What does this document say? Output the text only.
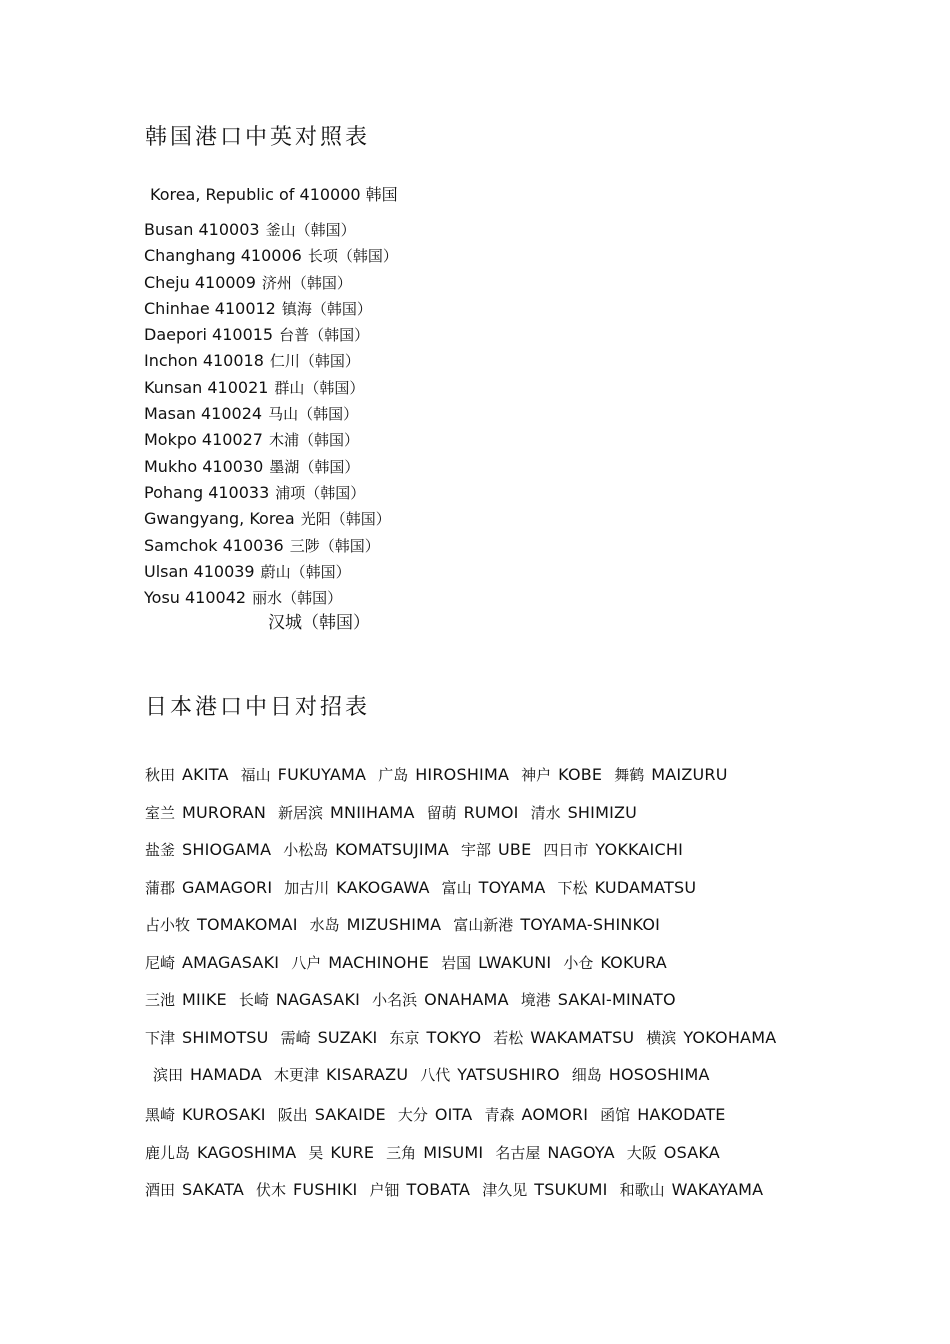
韩国港口中英对照表
Korea, Republic of 410000 韩国
Busan 410003 釜山（韩国）
Changhang 410006 长项（韩国）
Cheju 410009 济州（韩国）
Chinhae 410012 镇海（韩国）
Daepori 410015 台普（韩国）
Inchon 410018 仁川（韩国）
Kunsan 410021 群山（韩国）
Masan 410024 马山（韩国）
Mokpo 410027 木浦（韩国）
Mukho 410030 墨湖（韩国）
Pohang 410033 浦项（韩国）
Gwangyang, Korea 光阳（韩国）
Samchok 410036 三陟（韩国）
Ulsan 410039 蔚山（韩国）
Yosu 410042 丽水（韩国）
汉城（韩国）
日本港口中日对招表
秋田 AKITA 福山 FUKUYAMA 广岛 HIROSHIMA 神户 KOBE 舞鹤 MAIZURU
室兰 MURORAN 新居滨 MNIIHAMA 留萌 RUMOI 清水 SHIMIZU
盐釜 SHIOGAMA 小松岛 KOMATSUJIMA 宇部 UBE 四日市 YOKKAICHI
蒲郡 GAMAGORI 加古川 KAKOGAWA 富山 TOYAMA 下松 KUDAMATSU
占小牧 TOMAKOMAI 水岛 MIZUSHIMA 富山新港 TOYAMA-SHINKOI
尼崎 AMAGASAKI 八户 MACHINOHE 岩国 LWAKUNI 小仓 KOKURA
三池 MIIKE 长崎 NAGASAKI 小名浜 ONAHAMA 境港 SAKAI-MINATO
下津 SHIMOTSU 需崎 SUZAKI 东京 TOKYO 若松 WAKAMATSU 横滨 YOKOHAMA
滨田 HAMADA 木更津 KISARAZU 八代 YATSUSHIRO 细岛 HOSOSHIMA
黑崎 KUROSAKI 阪出 SAKAIDE 大分 OITA 青森 AOMORI 函馆 HAKODATE
鹿儿岛 KAGOSHIMA 吴 KURE 三角 MISUMI 名古屋 NAGOYA 大阪 OSAKA
酒田 SAKATA 伏木 FUSHIKI 户钿 TOBATA 津久见 TSUKUMI 和歌山 WAKAYAMA
